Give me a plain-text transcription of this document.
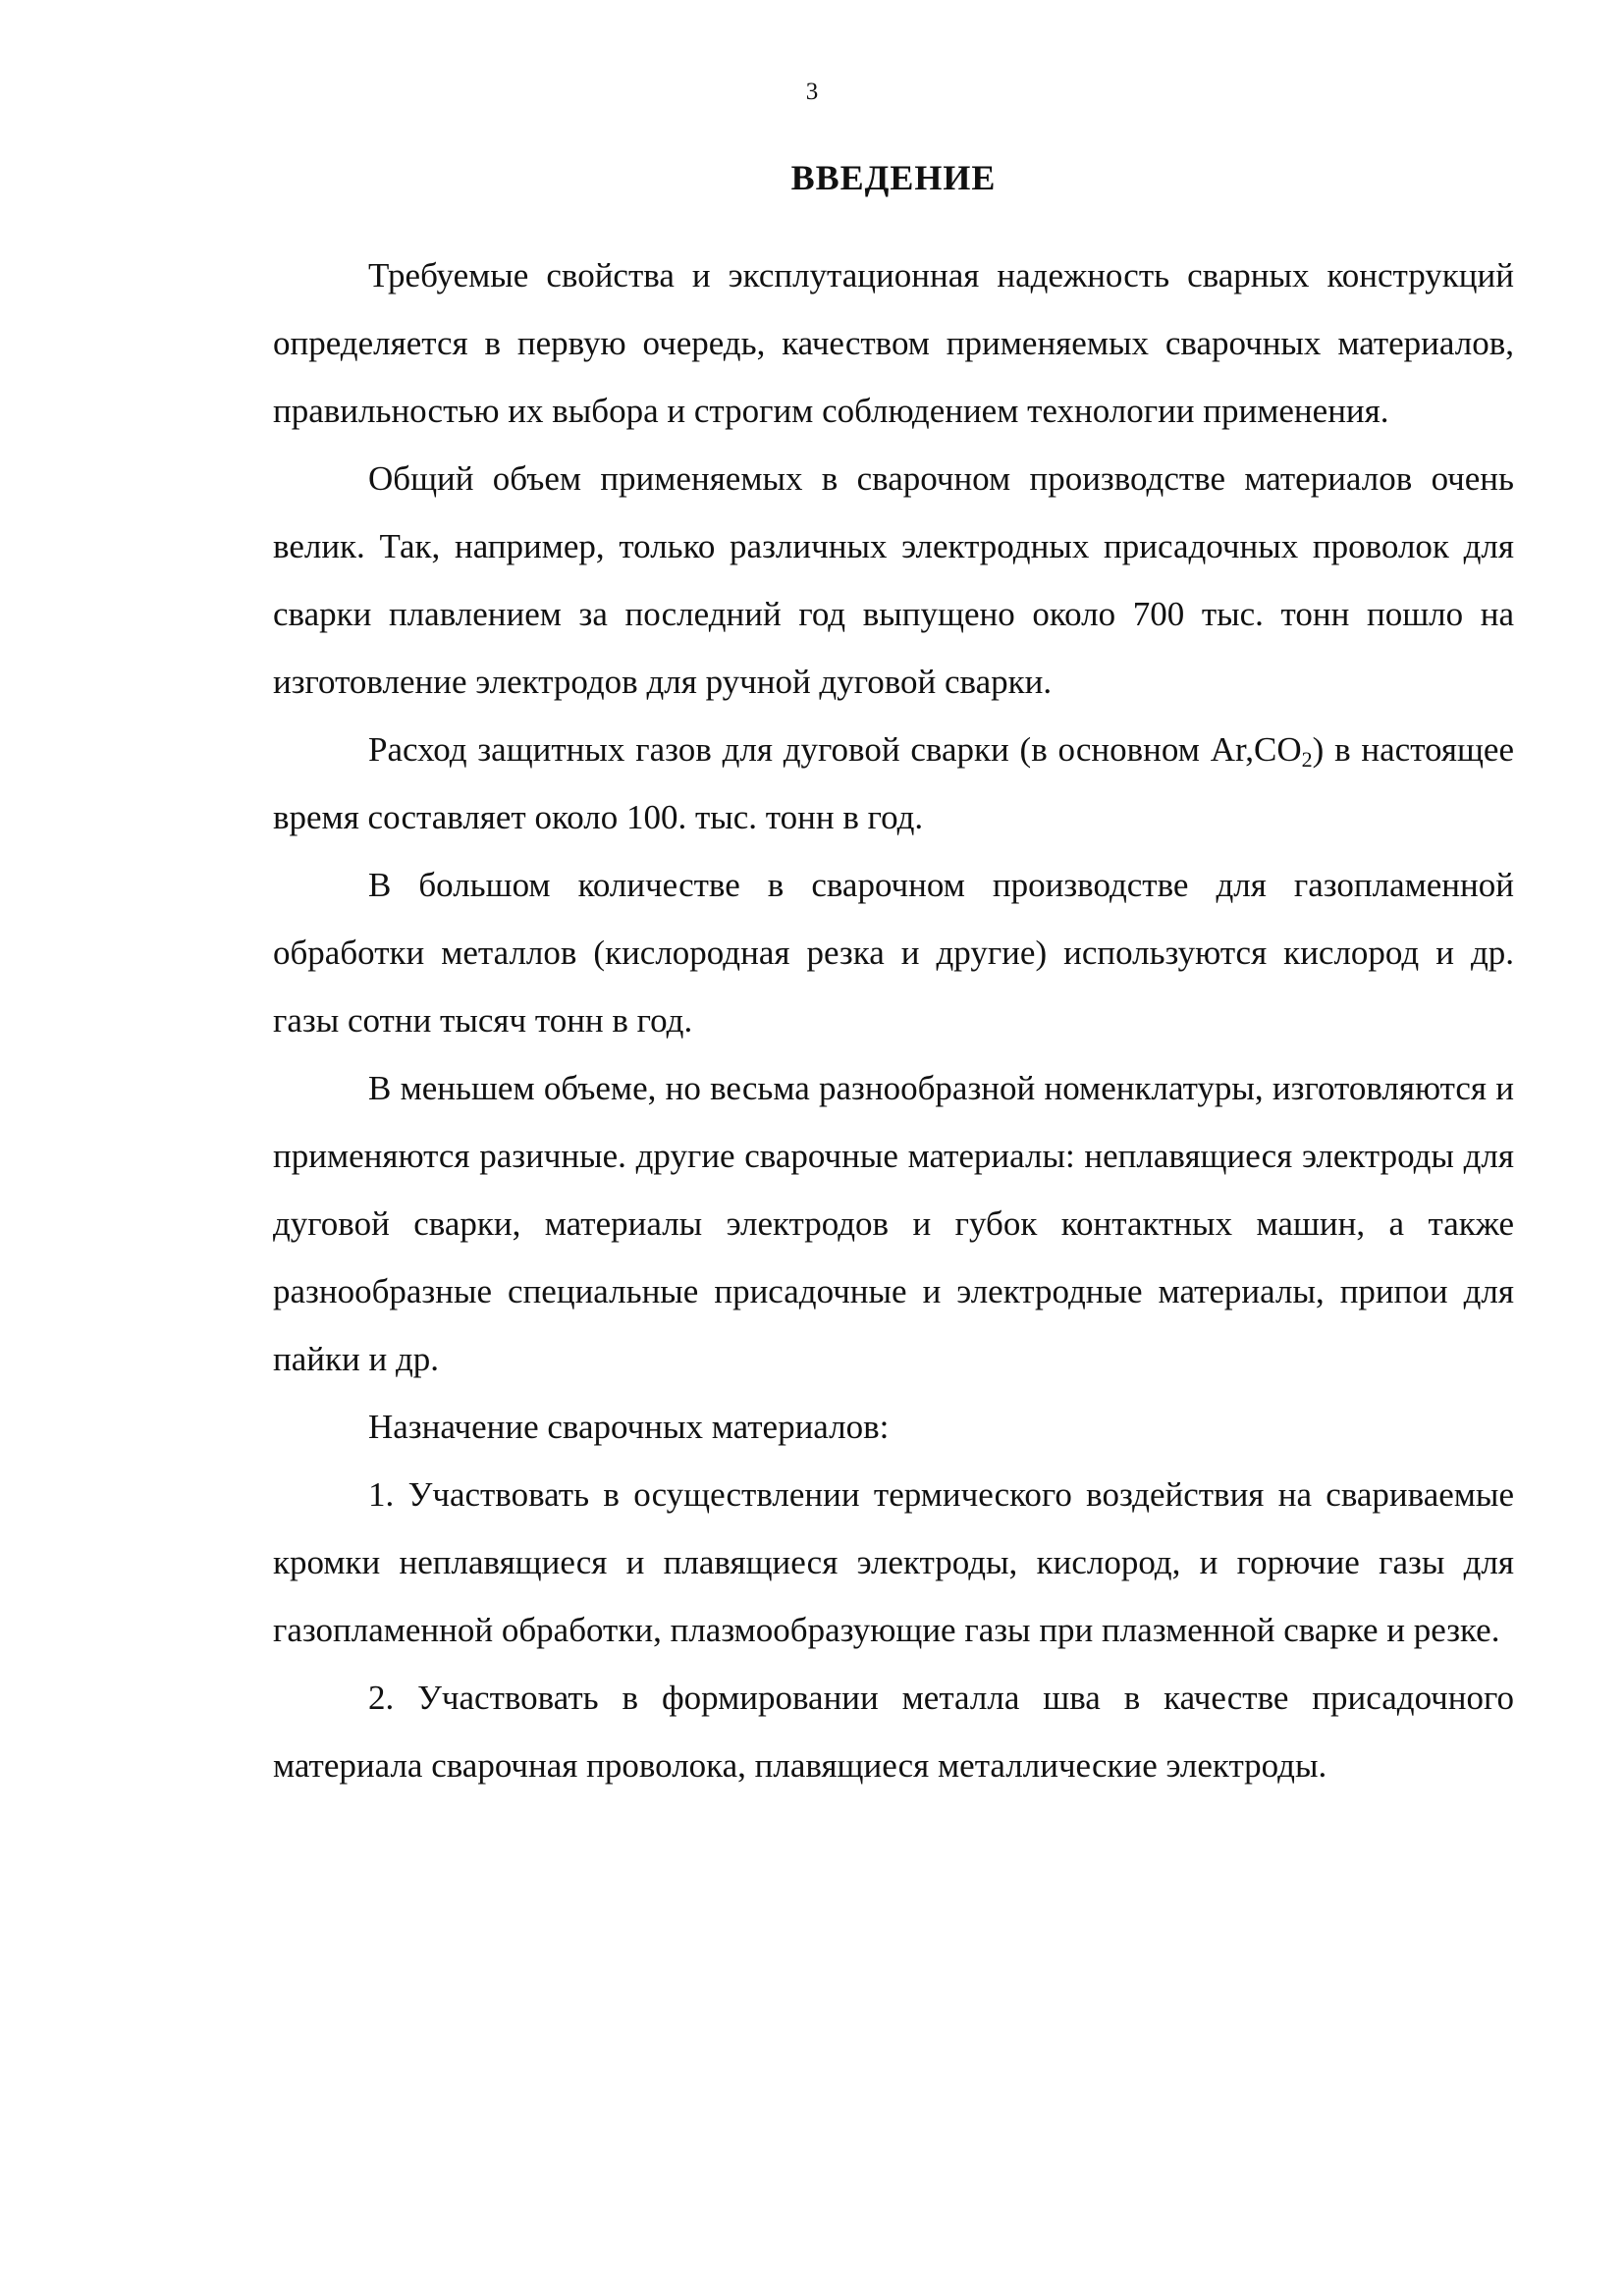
3
ВВЕДЕНИЕ

Требуемые свойства и эксплутационная надежность сварных конструкций определяется в первую очередь, качеством применяемых сварочных материалов, правильностью их выбора и строгим соблюдением технологии применения.

Общий объем применяемых в сварочном производстве материалов очень велик. Так, например, только различных электродных присадочных проволок для сварки плавлением за последний год выпущено около 700 тыс. тонн пошло на изготовление электродов для ручной дуговой сварки.

Расход защитных газов для дуговой сварки (в основном $Ar,CO_2$) в настоящее время составляет около 100. тыс. тонн в год.

В большом количестве в сварочном производстве для газопламенной обработки металлов (кислородная резка и другие) используются кислород и др. газы сотни тысяч тонн в год.

В меньшем объеме, но весьма разнообразной номенклатуры, изготовляются и применяются разичные. другие сварочные материалы: неплавящиеся электроды для дуговой сварки, материалы электродов и губок контактных машин, а также разнообразные специальные присадочные и электродные материалы, припои для пайки и др.

Назначение сварочных материалов:

1. Участвовать в осуществлении термического воздействия на свариваемые кромки неплавящиеся и плавящиеся электроды, кислород, и горючие газы для газопламенной обработки, плазмообразующие газы при плазменной сварке и резке.

2. Участвовать в формировании металла шва в качестве присадочного материала сварочная проволока, плавящиеся металлические электроды.
